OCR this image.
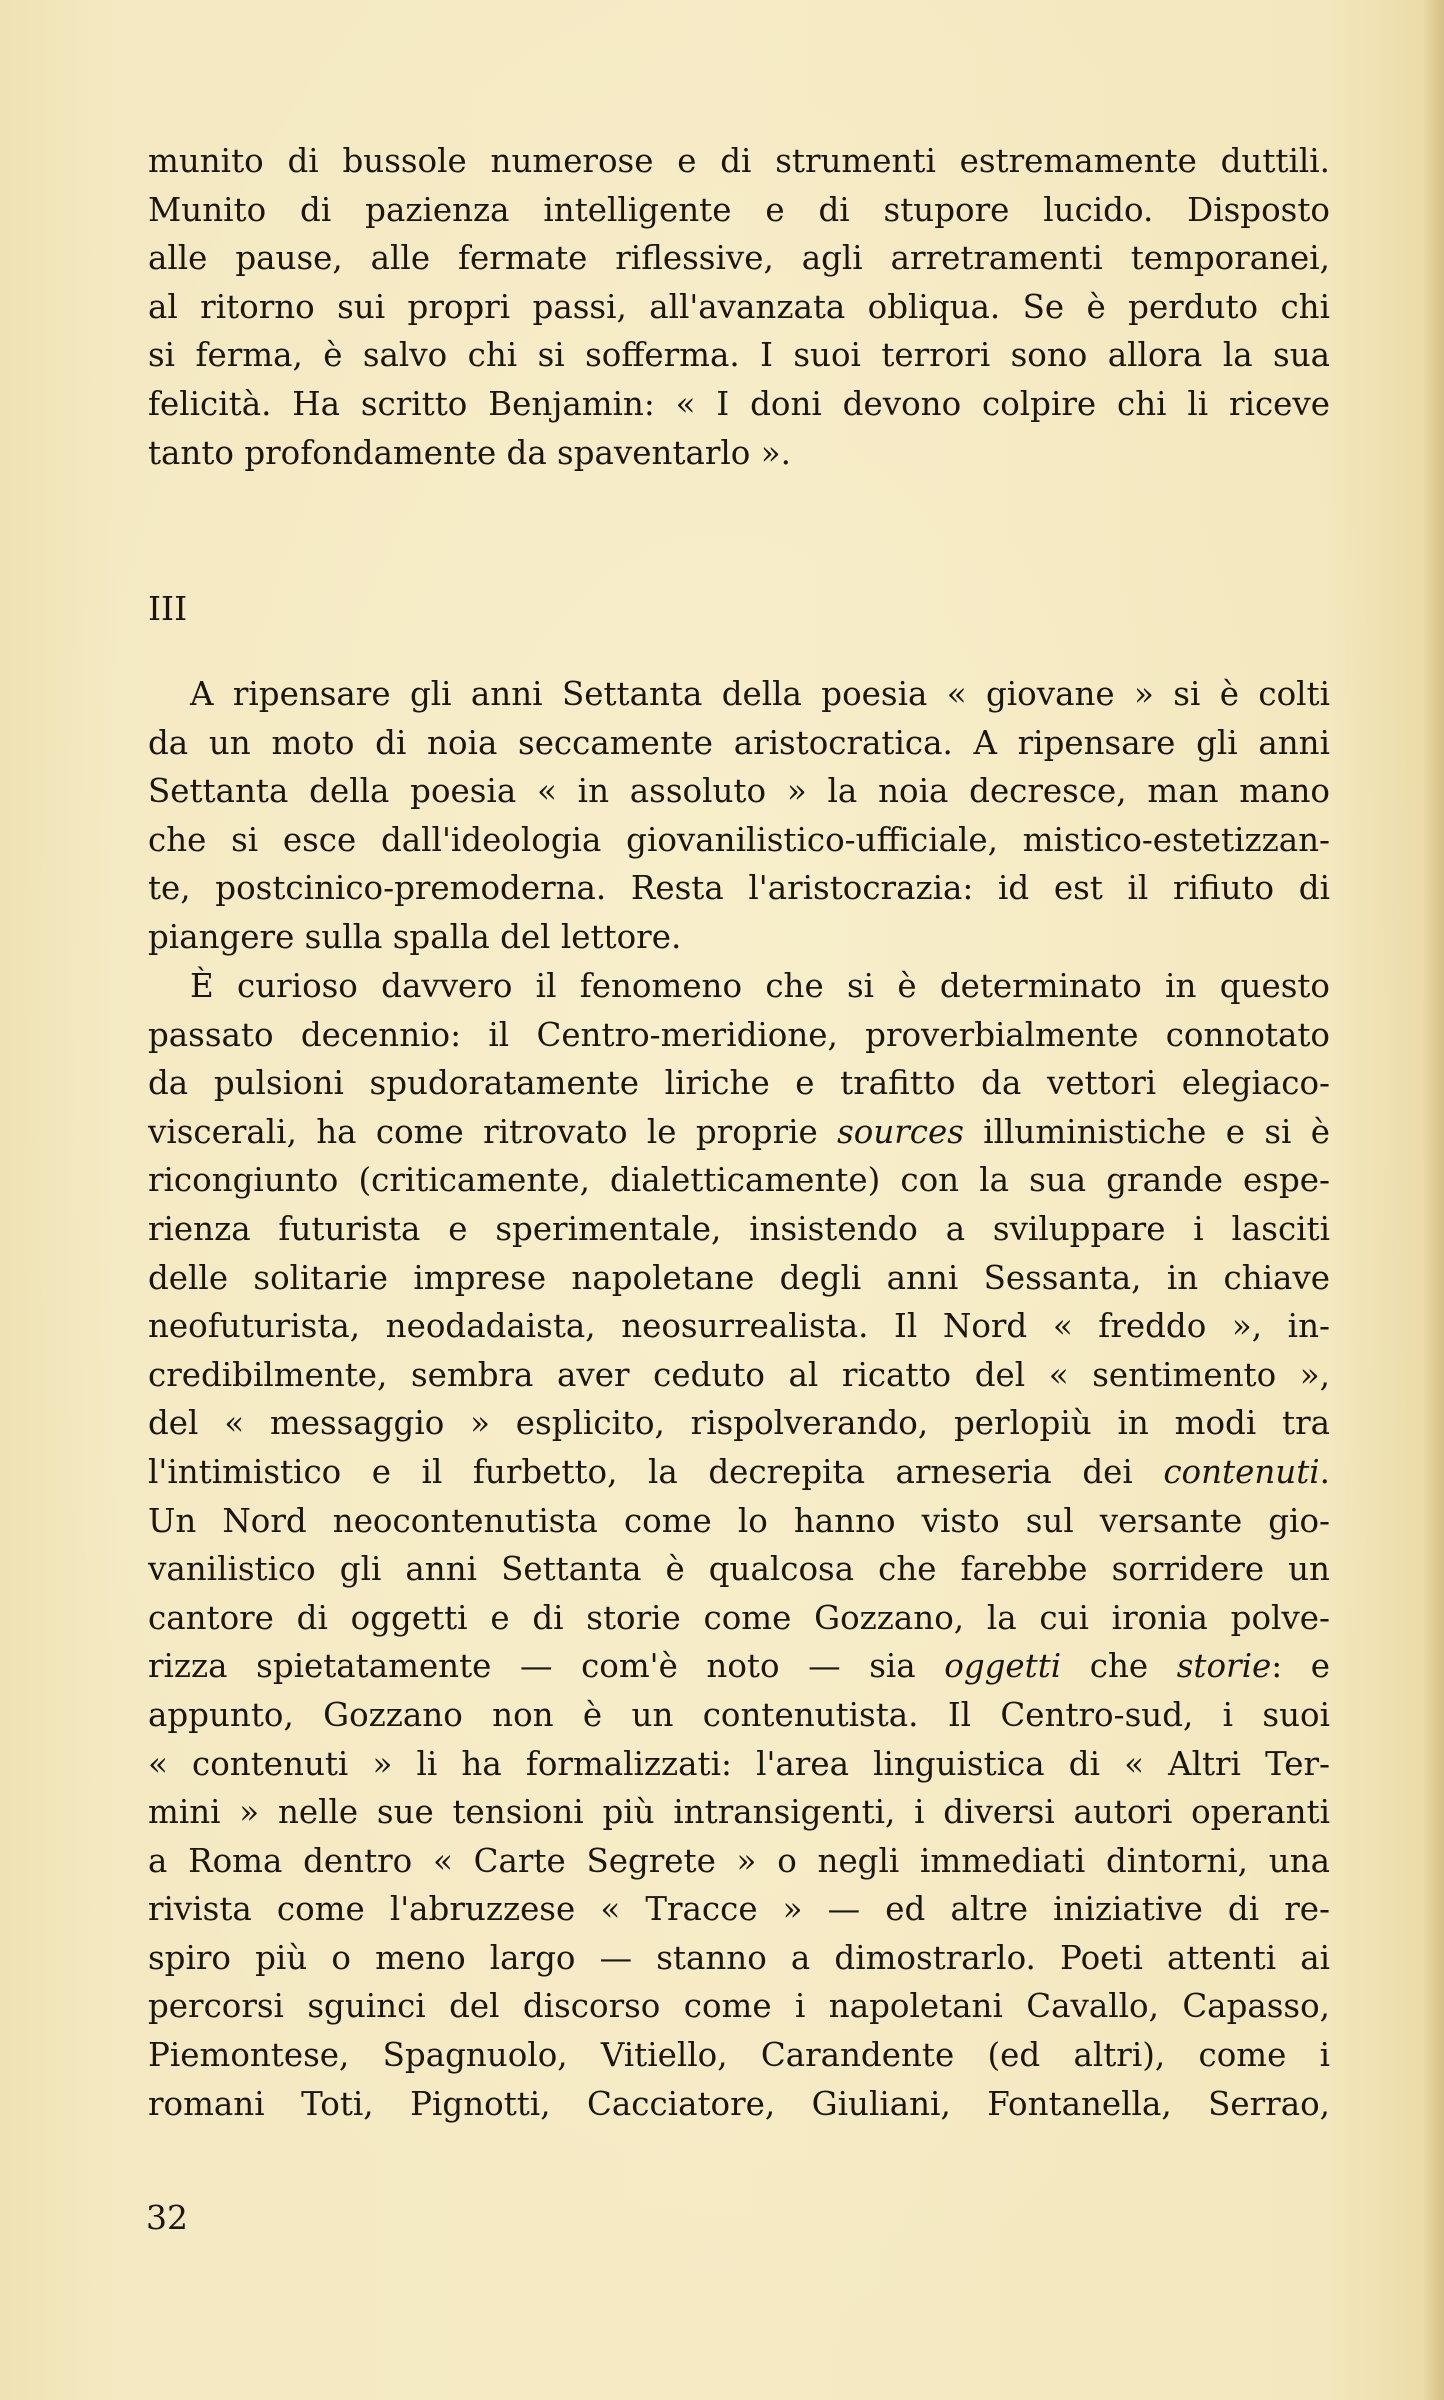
munito di bussole numerose e di strumenti estremamente duttili.
Munito di pazienza intelligente e di stupore lucido. Disposto
alle pause, alle fermate riflessive, agli arretramenti temporanei,
al ritorno sui propri passi, all'avanzata obliqua. Se è perduto chi
si ferma, è salvo chi si sofferma. I suoi terrori sono allora la sua
felicità. Ha scritto Benjamin: « I doni devono colpire chi li riceve
tanto profondamente da spaventarlo ».
III
A ripensare gli anni Settanta della poesia « giovane » si è colti
da un moto di noia seccamente aristocratica. A ripensare gli anni
Settanta della poesia « in assoluto » la noia decresce, man mano
che si esce dall'ideologia giovanilistico-ufficiale, mistico-estetizzan-
te, postcinico-premoderna. Resta l'aristocrazia: id est il rifiuto di
piangere sulla spalla del lettore.
È curioso davvero il fenomeno che si è determinato in questo
passato decennio: il Centro-meridione, proverbialmente connotato
da pulsioni spudoratamente liriche e trafitto da vettori elegiaco-
viscerali, ha come ritrovato le proprie sources illuministiche e si è
ricongiunto (criticamente, dialetticamente) con la sua grande espe-
rienza futurista e sperimentale, insistendo a sviluppare i lasciti
delle solitarie imprese napoletane degli anni Sessanta, in chiave
neofuturista, neodadaista, neosurrealista. Il Nord « freddo », in-
credibilmente, sembra aver ceduto al ricatto del « sentimento »,
del « messaggio » esplicito, rispolverando, perlopiù in modi tra
l'intimistico e il furbetto, la decrepita arneseria dei contenuti.
Un Nord neocontenutista come lo hanno visto sul versante gio-
vanilistico gli anni Settanta è qualcosa che farebbe sorridere un
cantore di oggetti e di storie come Gozzano, la cui ironia polve-
rizza spietatamente — com'è noto — sia oggetti che storie: e
appunto, Gozzano non è un contenutista. Il Centro-sud, i suoi
« contenuti » li ha formalizzati: l'area linguistica di « Altri Ter-
mini » nelle sue tensioni più intransigenti, i diversi autori operanti
a Roma dentro « Carte Segrete » o negli immediati dintorni, una
rivista come l'abruzzese « Tracce » — ed altre iniziative di re-
spiro più o meno largo — stanno a dimostrarlo. Poeti attenti ai
percorsi sguinci del discorso come i napoletani Cavallo, Capasso,
Piemontese, Spagnuolo, Vitiello, Carandente (ed altri), come i
romani Toti, Pignotti, Cacciatore, Giuliani, Fontanella, Serrao,
32
